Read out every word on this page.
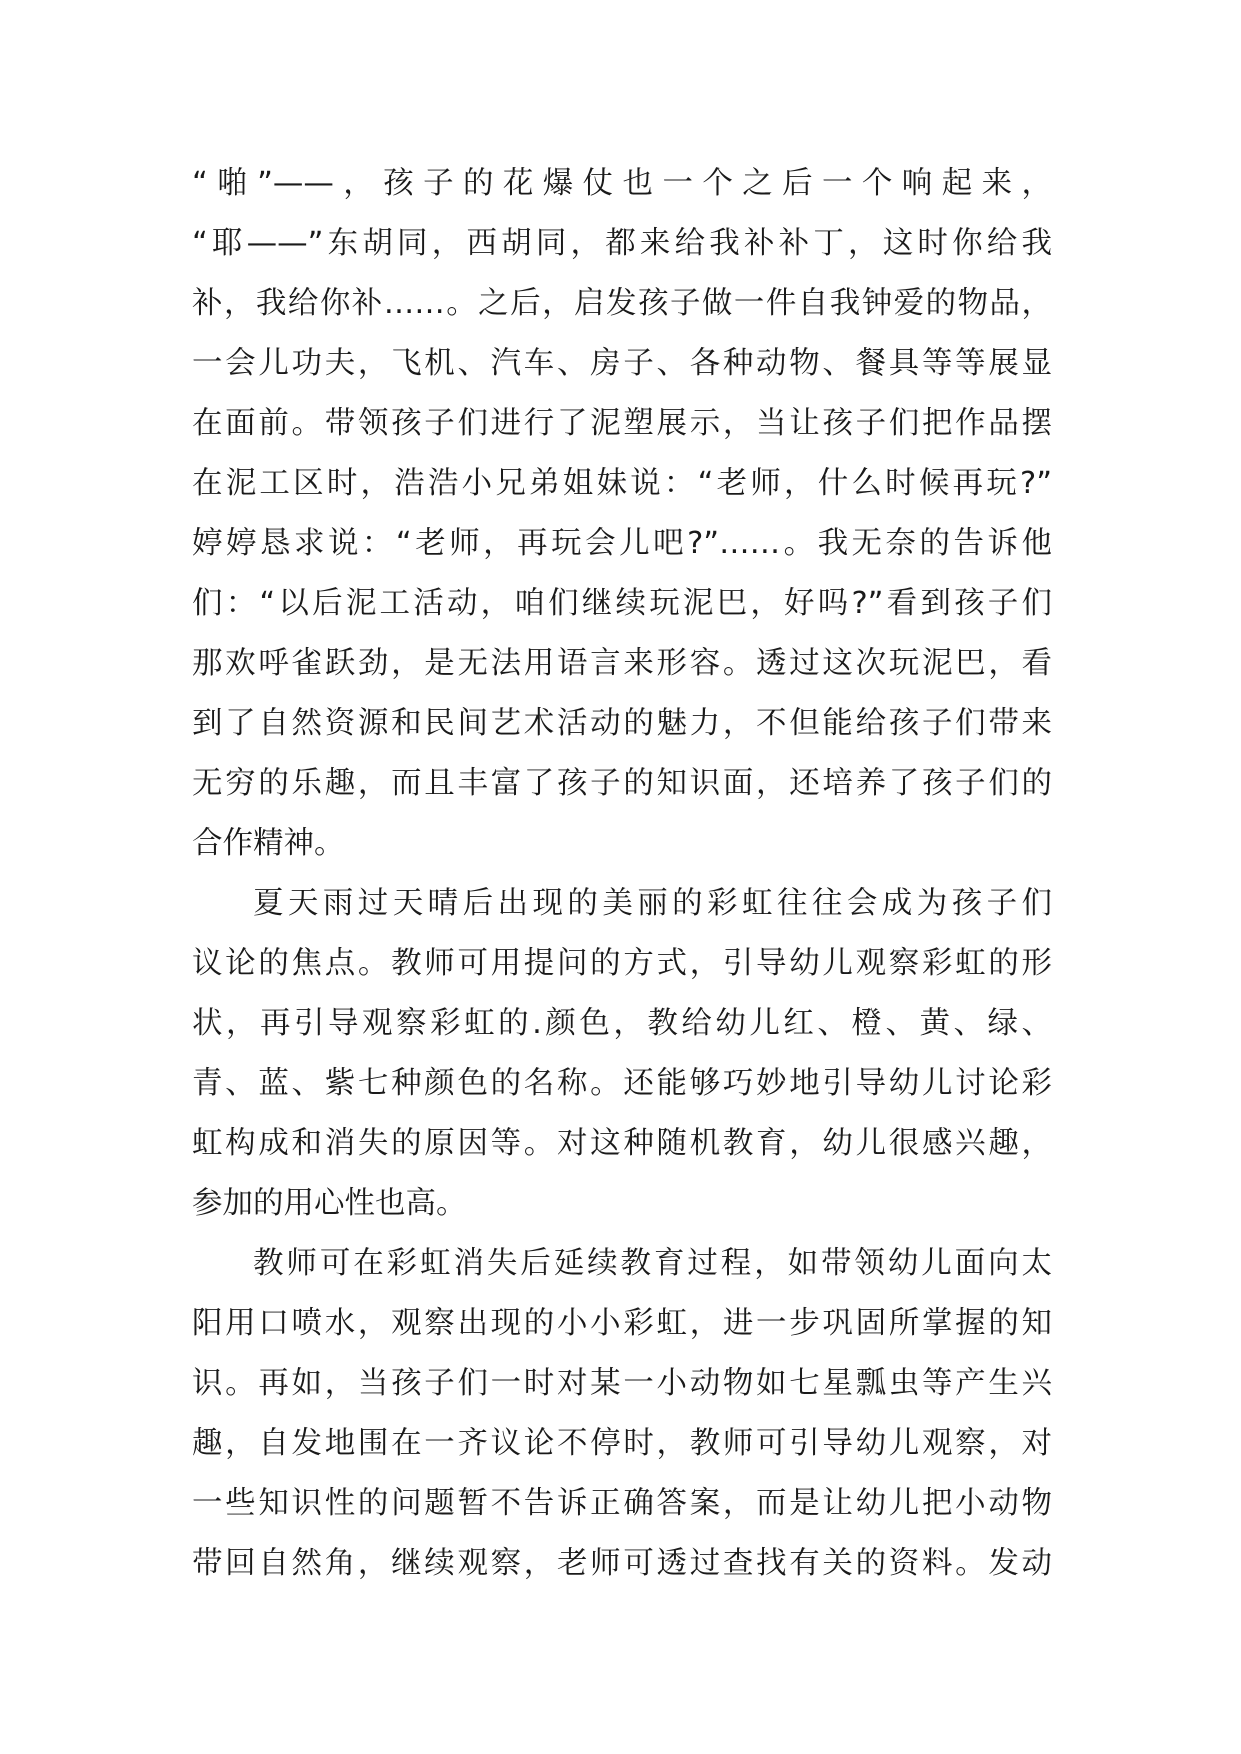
“啪”——，孩子的花爆仗也一个之后一个响起来，
“耶——”东胡同，西胡同，都来给我补补丁，这时你给我
补，我给你补……。之后，启发孩子做一件自我钟爱的物品，
一会儿功夫，飞机、汽车、房子、各种动物、餐具等等展显
在面前。带领孩子们进行了泥塑展示，当让孩子们把作品摆
在泥工区时，浩浩小兄弟姐妹说：“老师，什么时候再玩?”
婷婷恳求说：“老师，再玩会儿吧?”……。我无奈的告诉他
们：“以后泥工活动，咱们继续玩泥巴，好吗?”看到孩子们
那欢呼雀跃劲，是无法用语言来形容。透过这次玩泥巴，看
到了自然资源和民间艺术活动的魅力，不但能给孩子们带来
无穷的乐趣，而且丰富了孩子的知识面，还培养了孩子们的
合作精神。
夏天雨过天晴后出现的美丽的彩虹往往会成为孩子们
议论的焦点。教师可用提问的方式，引导幼儿观察彩虹的形
状，再引导观察彩虹的.颜色，教给幼儿红、橙、黄、绿、
青、蓝、紫七种颜色的名称。还能够巧妙地引导幼儿讨论彩
虹构成和消失的原因等。对这种随机教育，幼儿很感兴趣，
参加的用心性也高。
教师可在彩虹消失后延续教育过程，如带领幼儿面向太
阳用口喷水，观察出现的小小彩虹，进一步巩固所掌握的知
识。再如，当孩子们一时对某一小动物如七星瓢虫等产生兴
趣，自发地围在一齐议论不停时，教师可引导幼儿观察，对
一些知识性的问题暂不告诉正确答案，而是让幼儿把小动物
带回自然角，继续观察，老师可透过查找有关的资料。发动
